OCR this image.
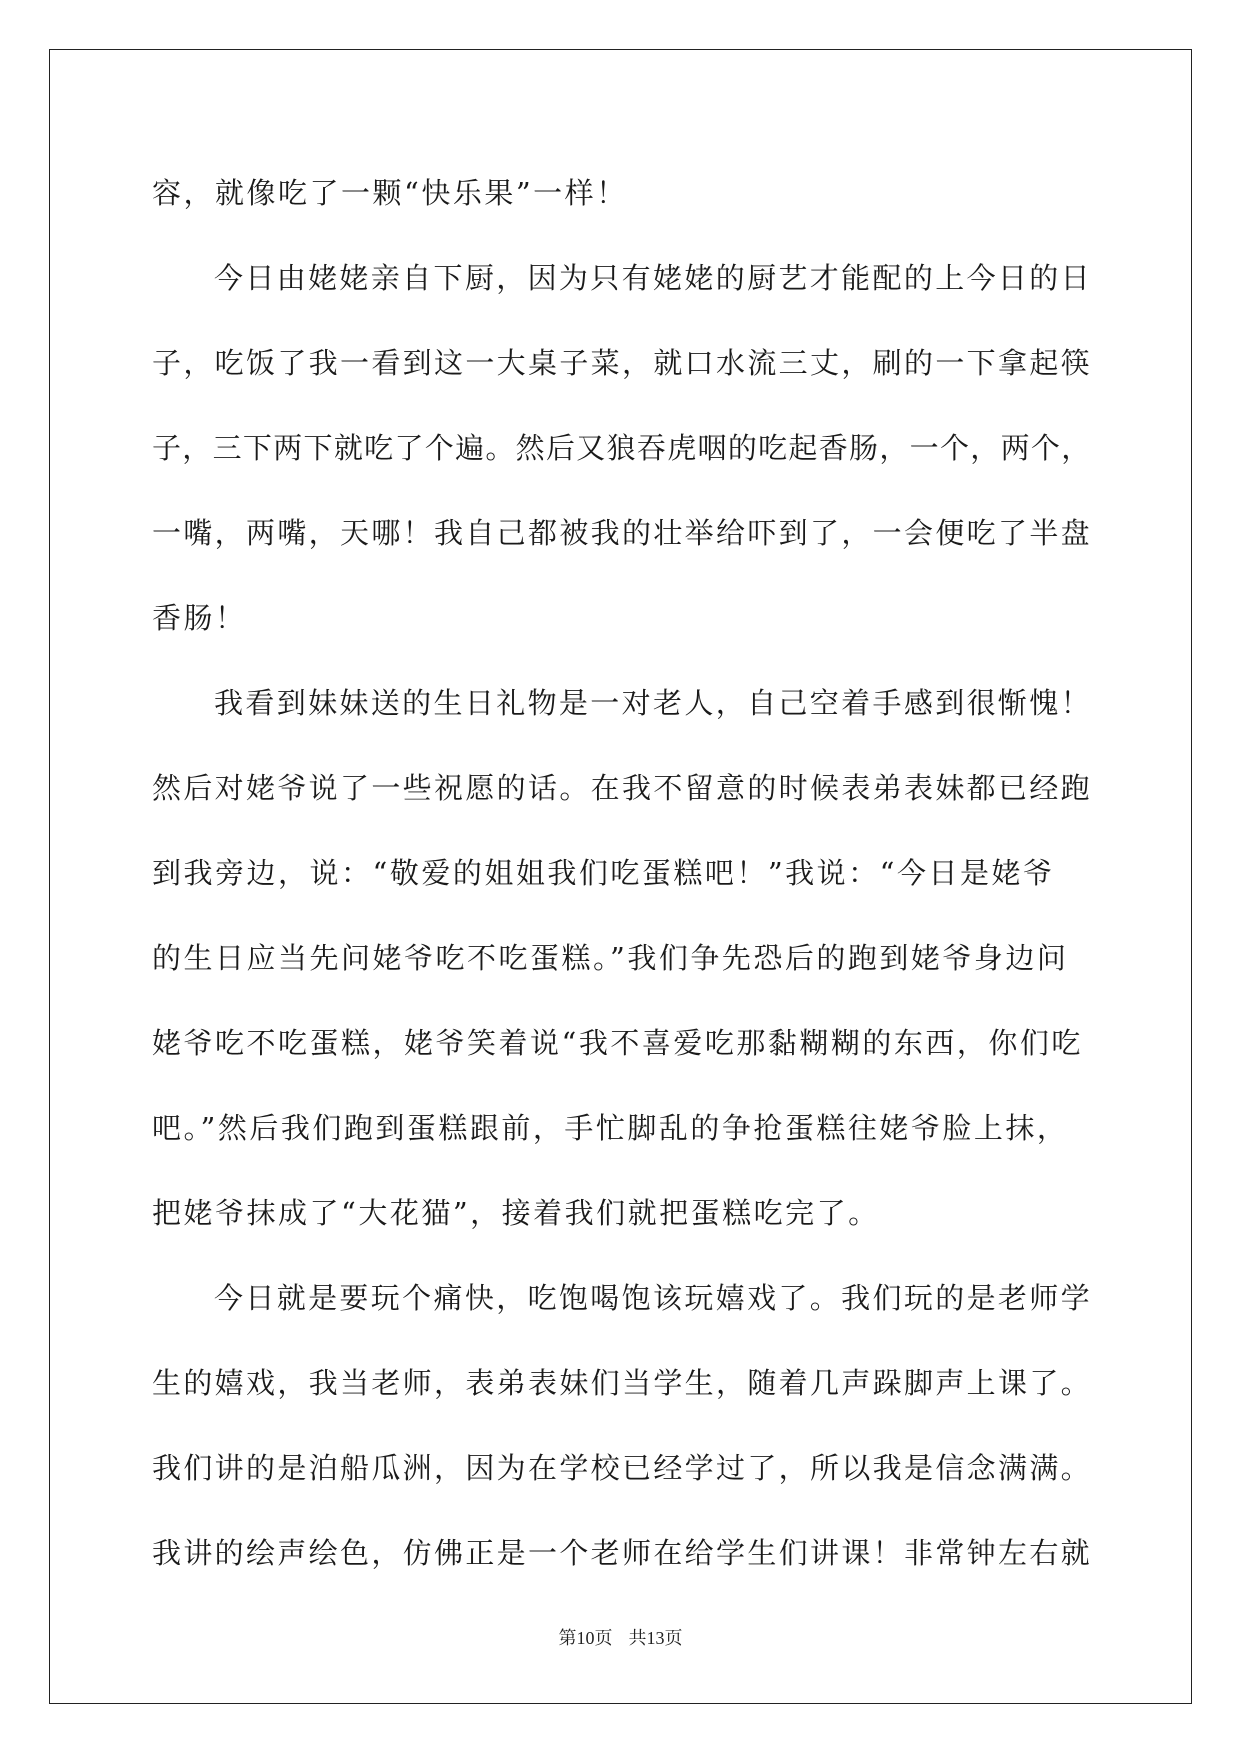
容，就像吃了一颗“快乐果”一样！
今日由姥姥亲自下厨，因为只有姥姥的厨艺才能配的上今日的日
子，吃饭了我一看到这一大桌子菜，就口水流三丈，刷的一下拿起筷
子，三下两下就吃了个遍。然后又狼吞虎咽的吃起香肠，一个，两个，
一嘴，两嘴，天哪！我自己都被我的壮举给吓到了，一会便吃了半盘
香肠！
我看到妹妹送的生日礼物是一对老人，自己空着手感到很惭愧！
然后对姥爷说了一些祝愿的话。在我不留意的时候表弟表妹都已经跑
到我旁边，说：“敬爱的姐姐我们吃蛋糕吧！”我说：“今日是姥爷
的生日应当先问姥爷吃不吃蛋糕。”我们争先恐后的跑到姥爷身边问
姥爷吃不吃蛋糕，姥爷笑着说“我不喜爱吃那黏糊糊的东西，你们吃
吧。”然后我们跑到蛋糕跟前，手忙脚乱的争抢蛋糕往姥爷脸上抹，
把姥爷抹成了“大花猫”，接着我们就把蛋糕吃完了。
今日就是要玩个痛快，吃饱喝饱该玩嬉戏了。我们玩的是老师学
生的嬉戏，我当老师，表弟表妹们当学生，随着几声跺脚声上课了。
我们讲的是泊船瓜洲，因为在学校已经学过了，所以我是信念满满。
我讲的绘声绘色，仿佛正是一个老师在给学生们讲课！非常钟左右就
第10页 共13页
